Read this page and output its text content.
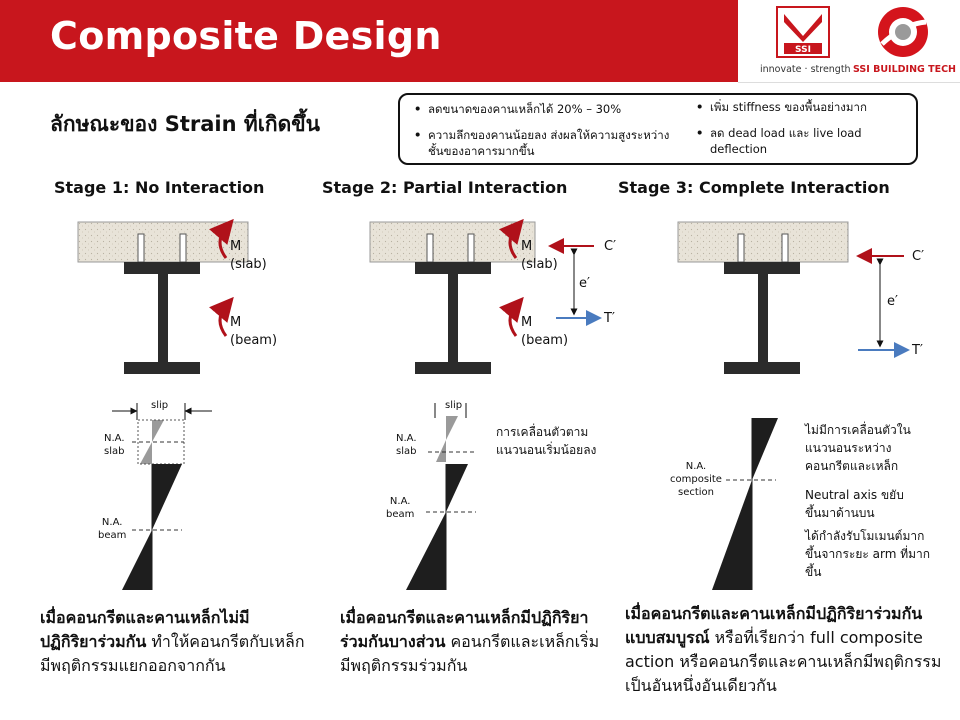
Composite Design	SSI
innovate · strength SSI BUILDING TECH
ลักษณะของ Strain ที่เกิดขึ้น
• ลดขนาดของคานเหล็กได้ 20% – 30%
• ความลึกของคานน้อยลง ส่งผลให้ความสูงระหว่างชั้นของอาคารมากขึ้น
• เพิ่ม stiffness ของพื้นอย่างมาก
• ลด dead load และ live load deflection
Stage 1: No Interaction	Stage 2: Partial Interaction	Stage 3: Complete Interaction
M
(slab)
M
(beam)
slip
N.A.
slab
N.A.
beam
M
(slab)
M
(beam)
C′
T′
e′
slip
N.A.
slab
N.A.
beam
การเคลื่อนตัวตาม
แนวนอนเริ่มน้อยลง
C′
T′
e′
N.A.
composite
section
ไม่มีการเคลื่อนตัวใน
แนวนอนระหว่าง
คอนกรีตและเหล็ก
Neutral axis ขยับ
ขึ้นมาด้านบน
ได้กำลังรับโมเมนต์มาก
ขึ้นจากระยะ arm ที่มาก
ขึ้น
เมื่อคอนกรีตและคานเหล็กไม่มีปฏิกิริยาร่วมกัน ทำให้คอนกรีตกับเหล็กมีพฤติกรรมแยกออกจากกัน
เมื่อคอนกรีตและคานเหล็กมีปฏิกิริยาร่วมกันบางส่วน คอนกรีตและเหล็กเริ่มมีพฤติกรรมร่วมกัน
เมื่อคอนกรีตและคานเหล็กมีปฏิกิริยาร่วมกันแบบสมบูรณ์ หรือที่เรียกว่า full composite action หรือคอนกรีตและคานเหล็กมีพฤติกรรมเป็นอันหนึ่งอันเดียวกัน
